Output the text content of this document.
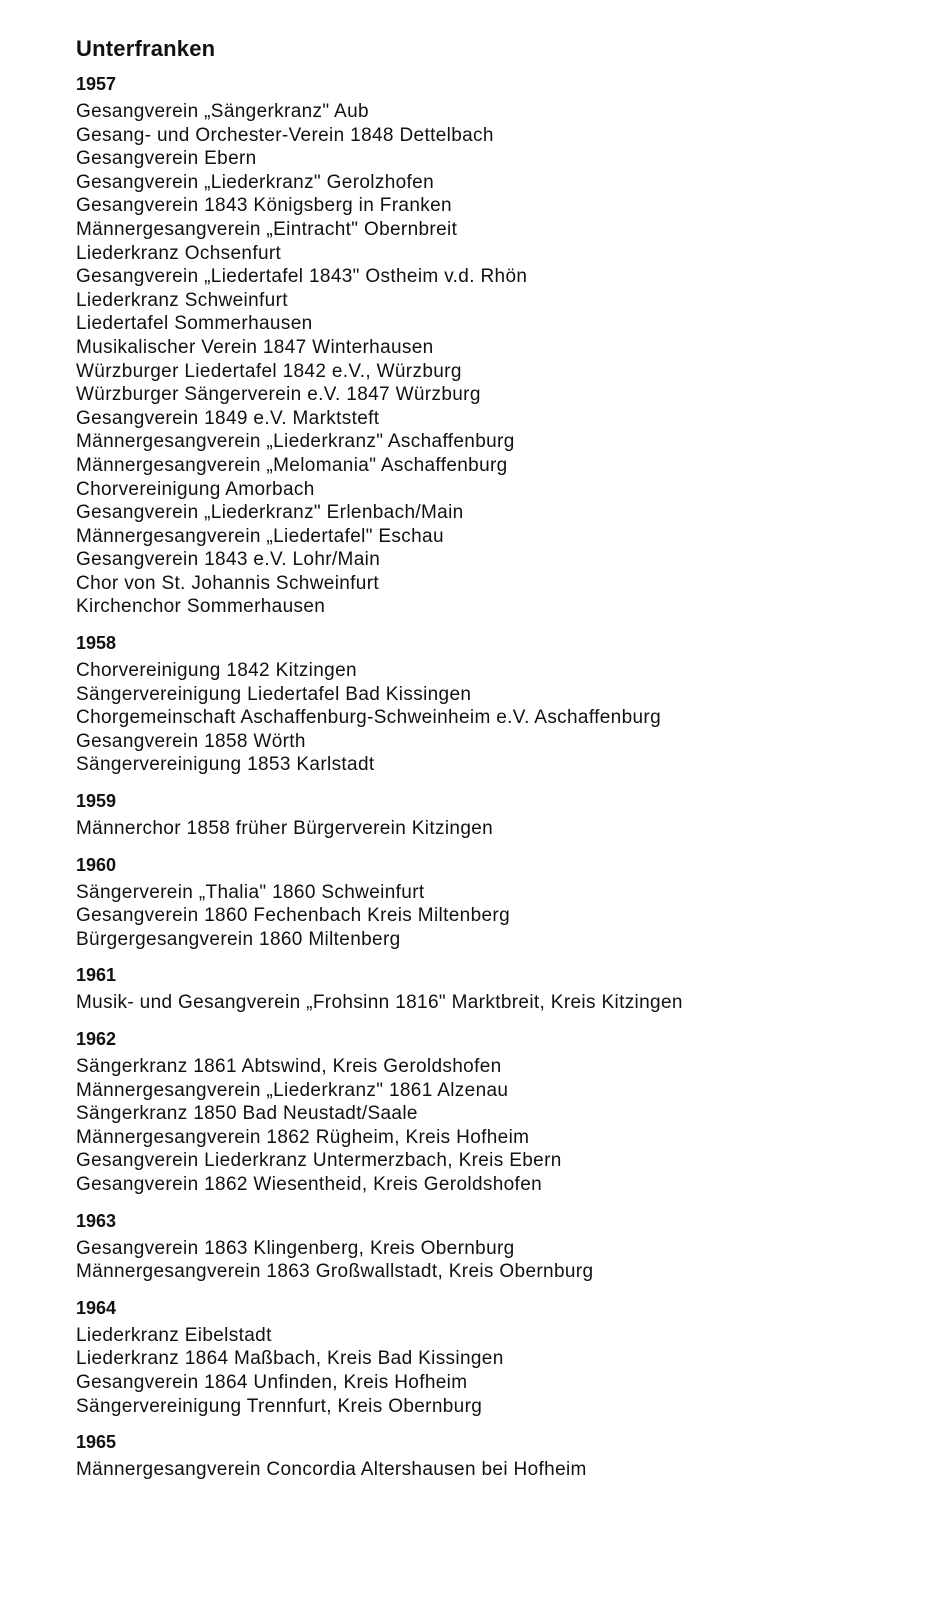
Unterfranken
1957
Gesangverein „Sängerkranz" Aub
Gesang- und Orchester-Verein 1848 Dettelbach
Gesangverein Ebern
Gesangverein „Liederkranz" Gerolzhofen
Gesangverein 1843 Königsberg in Franken
Männergesangverein „Eintracht" Obernbreit
Liederkranz Ochsenfurt
Gesangverein „Liedertafel 1843" Ostheim v.d. Rhön
Liederkranz Schweinfurt
Liedertafel Sommerhausen
Musikalischer Verein 1847 Winterhausen
Würzburger Liedertafel 1842 e.V., Würzburg
Würzburger Sängerverein e.V. 1847 Würzburg
Gesangverein 1849 e.V. Marktsteft
Männergesangverein „Liederkranz" Aschaffenburg
Männergesangverein „Melomania" Aschaffenburg
Chorvereinigung Amorbach
Gesangverein „Liederkranz" Erlenbach/Main
Männergesangverein „Liedertafel" Eschau
Gesangverein 1843 e.V. Lohr/Main
Chor von St. Johannis Schweinfurt
Kirchenchor Sommerhausen
1958
Chorvereinigung 1842 Kitzingen
Sängervereinigung Liedertafel Bad Kissingen
Chorgemeinschaft Aschaffenburg-Schweinheim e.V. Aschaffenburg
Gesangverein 1858 Wörth
Sängervereinigung 1853 Karlstadt
1959
Männerchor 1858 früher Bürgerverein Kitzingen
1960
Sängerverein „Thalia" 1860 Schweinfurt
Gesangverein 1860 Fechenbach Kreis Miltenberg
Bürgergesangverein 1860 Miltenberg
1961
Musik- und Gesangverein „Frohsinn 1816" Marktbreit, Kreis Kitzingen
1962
Sängerkranz 1861 Abtswind, Kreis Geroldshofen
Männergesangverein „Liederkranz" 1861 Alzenau
Sängerkranz 1850 Bad Neustadt/Saale
Männergesangverein 1862 Rügheim, Kreis Hofheim
Gesangverein Liederkranz Untermerzbach, Kreis Ebern
Gesangverein 1862 Wiesentheid, Kreis Geroldshofen
1963
Gesangverein 1863 Klingenberg, Kreis Obernburg
Männergesangverein 1863 Großwallstadt, Kreis Obernburg
1964
Liederkranz Eibelstadt
Liederkranz 1864 Maßbach, Kreis Bad Kissingen
Gesangverein 1864 Unfinden, Kreis Hofheim
Sängervereinigung Trennfurt, Kreis Obernburg
1965
Männergesangverein Concordia Altershausen bei Hofheim
